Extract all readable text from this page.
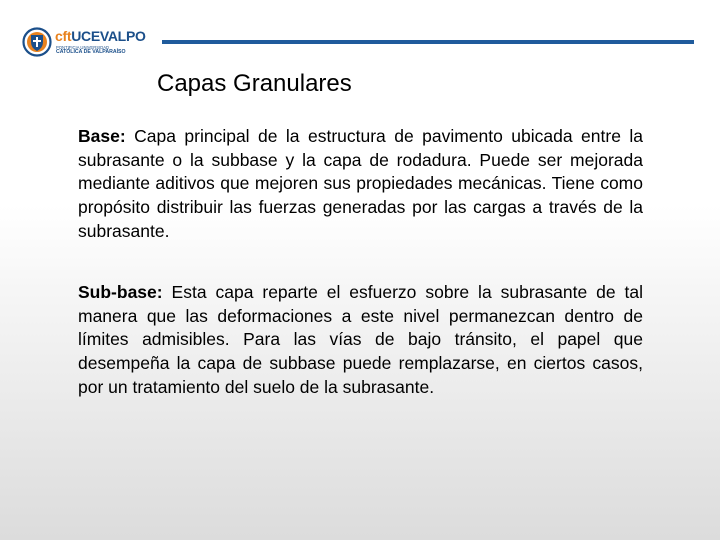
cftUCEVALPO
PONTIFICIA UNIVERSIDAD
CATÓLICA DE VALPARAÍSO
Capas Granulares

Base: Capa principal de la estructura de pavimento ubicada entre la subrasante o la subbase y la capa de rodadura. Puede ser mejorada mediante aditivos que mejoren sus propiedades mecánicas. Tiene como propósito distribuir las fuerzas generadas por las cargas a través de la subrasante.

Sub-base: Esta capa reparte el esfuerzo sobre la subrasante de tal manera que las deformaciones a este nivel permanezcan dentro de límites admisibles. Para las vías de bajo tránsito, el papel que desempeña la capa de subbase puede remplazarse, en ciertos casos, por un tratamiento del suelo de la subrasante.
